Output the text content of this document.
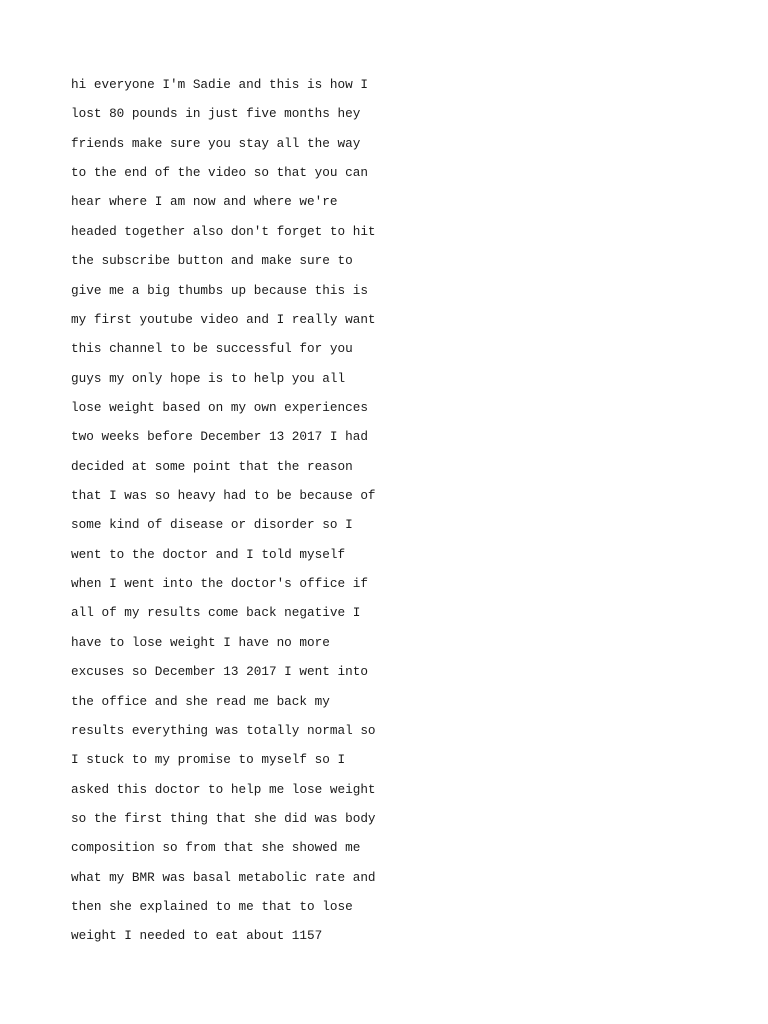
hi everyone I'm Sadie and this is how I
lost 80 pounds in just five months hey
friends make sure you stay all the way
to the end of the video so that you can
hear where I am now and where we're
headed together also don't forget to hit
the subscribe button and make sure to
give me a big thumbs up because this is
my first youtube video and I really want
this channel to be successful for you
guys my only hope is to help you all
lose weight based on my own experiences
two weeks before December 13 2017 I had
decided at some point that the reason
that I was so heavy had to be because of
some kind of disease or disorder so I
went to the doctor and I told myself
when I went into the doctor's office if
all of my results come back negative I
have to lose weight I have no more
excuses so December 13 2017 I went into
the office and she read me back my
results everything was totally normal so
I stuck to my promise to myself so I
asked this doctor to help me lose weight
so the first thing that she did was body
composition so from that she showed me
what my BMR was basal metabolic rate and
then she explained to me that to lose
weight I needed to eat about 1157
